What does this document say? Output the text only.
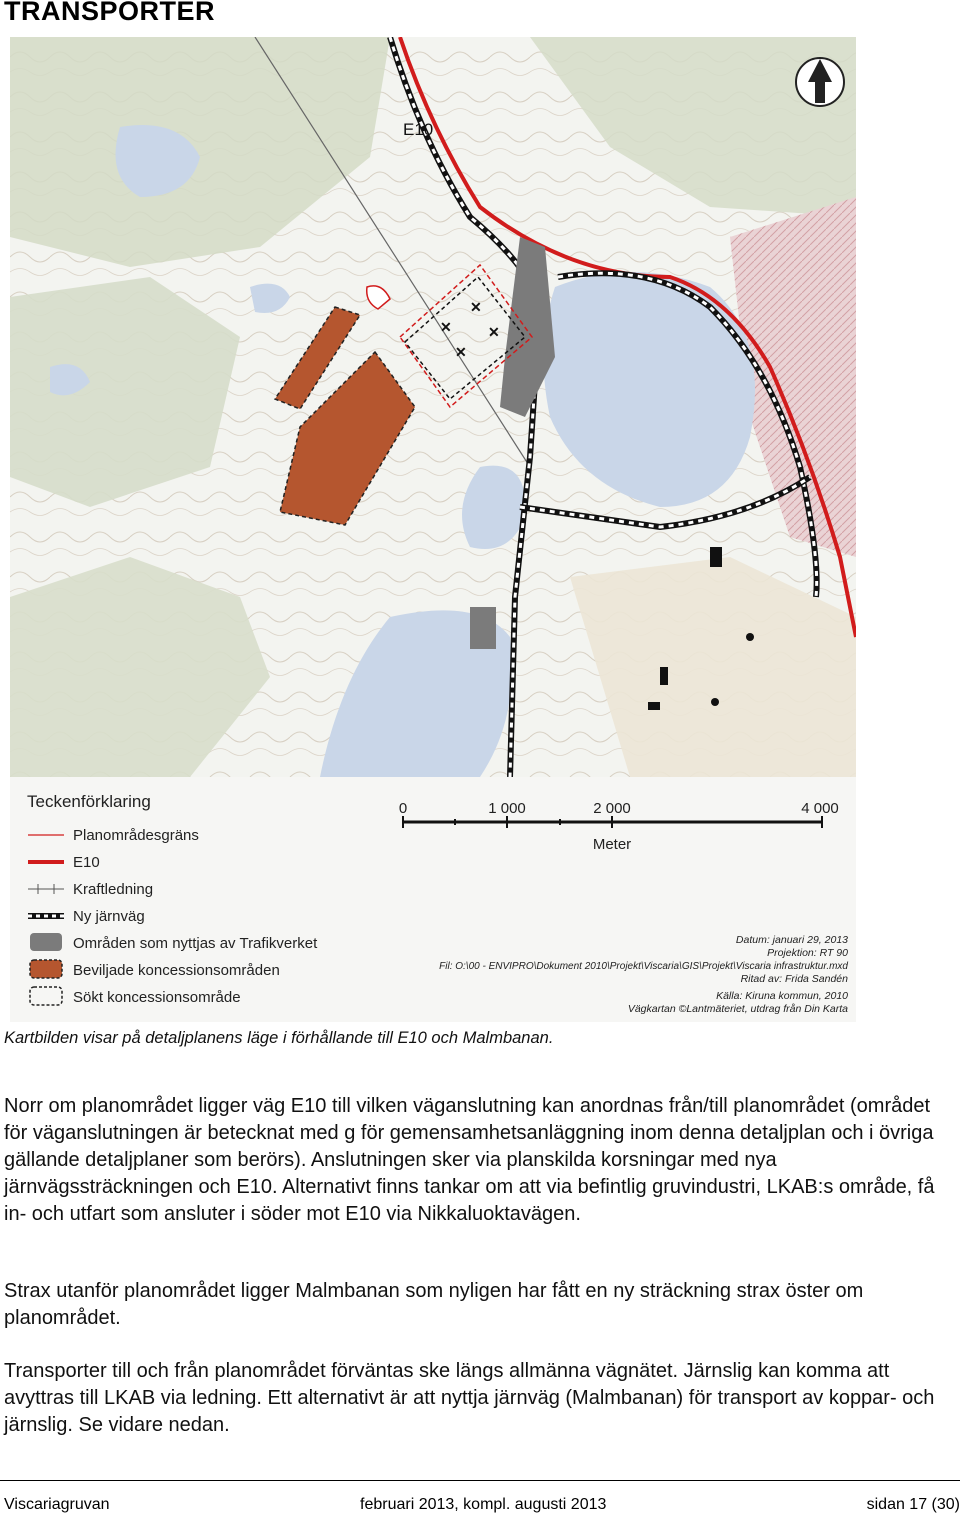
TRANSPORTER
✕
✕
✕
✕
E10
Teckenförklaring
Planområdesgräns
E10
Kraftledning
Ny järnväg
Områden som nyttjas av Trafikverket
Beviljade koncessionsområden
Sökt koncessionsområde
0	1 000	2 000	4 000
Meter
Datum: januari 29, 2013
Projektion: RT 90
Fil: O:\00 - ENVIPRO\Dokument 2010\Projekt\Viscaria\GIS\Projekt\Viscaria infrastruktur.mxd
Ritad av: Frida Sandén
Källa: Kiruna kommun, 2010
Vägkartan ©Lantmäteriet, utdrag från Din Karta
Kartbilden visar på detaljplanens läge i förhållande till E10 och Malmbanan.

Norr om planområdet ligger väg E10 till vilken väganslutning kan anordnas från/till planområdet (området för väganslutningen är betecknat med g för gemensamhetsanläggning inom denna detaljplan och i övriga gällande detaljplaner som berörs). Anslutningen sker via planskilda korsningar med nya järnvägssträckningen och E10. Alternativt finns tankar om att via befintlig gruvindustri, LKAB:s område, få in- och utfart som ansluter i söder mot E10 via Nikkaluoktavägen.

Strax utanför planområdet ligger Malmbanan som nyligen har fått en ny sträckning strax öster om planområdet.

Transporter till och från planområdet förväntas ske längs allmänna vägnätet. Järnslig kan komma att avyttras till LKAB via ledning. Ett alternativt är att nyttja järnväg (Malmbanan) för transport av koppar- och järnslig. Se vidare nedan.

Viscariagruvan	februari 2013, kompl. augusti 2013	sidan 17 (30)
